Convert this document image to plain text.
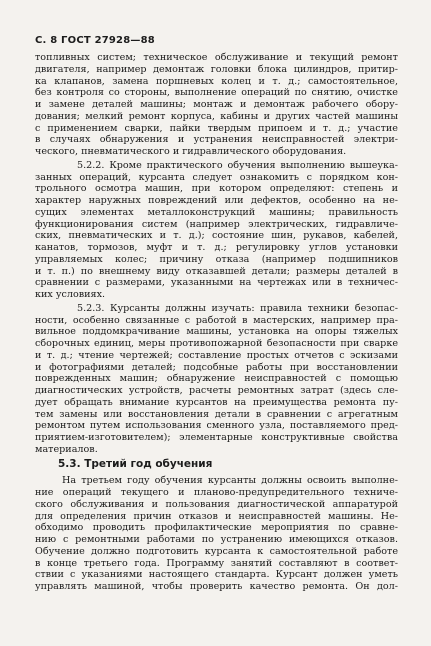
С. 8 ГОСТ 27928—88
топливных систем; техническое обслуживание и текущий ремонт
двигателя, например демонтаж головки блока цилиндров, притир-
ка клапанов, замена поршневых колец и т. д.; самостоятельное,
без контроля со стороны, выполнение операций по снятию, очистке
и замене деталей машины; монтаж и демонтаж рабочего обору-
дования; мелкий ремонт корпуса, кабины и других частей машины
с применением сварки, пайки твердым припоем и т. д.; участие
в случаях обнаружения и устранения неисправностей электри-
ческого, пневматического и гидравлического оборудования.
5.2.2. Кроме практического обучения выполнению вышеука-
занных операций, курсанта следует ознакомить с порядком кон-
трольного осмотра машин, при котором определяют: степень и
характер наружных повреждений или дефектов, особенно на не-
сущих элементах металлоконструкций машины; правильность
функционирования систем (например электрических, гидравличе-
ских, пневматических и т. д.); состояние шин, рукавов, кабелей,
канатов, тормозов, муфт и т. д.; регулировку углов установки
управляемых колес; причину отказа (например подшипников
и т. п.) по внешнему виду отказавшей детали; размеры деталей в
сравнении с размерами, указанными на чертежах или в техничес-
ких условиях.
5.2.3. Курсанты должны изучать: правила техники безопас-
ности, особенно связанные с работой в мастерских, например пра-
вильное поддомкрачивание машины, установка на опоры тяжелых
сборочных единиц, меры противопожарной безопасности при сварке
и т. д.; чтение чертежей; составление простых отчетов с эскизами
и фотографиями деталей; подсобные работы при восстановлении
поврежденных машин; обнаружение неисправностей с помощью
диагностических устройств, расчеты ремонтных затрат (здесь сле-
дует обращать внимание курсантов на преимущества ремонта пу-
тем замены или восстановления детали в сравнении с агрегатным
ремонтом путем использования сменного узла, поставляемого пред-
приятием-изготовителем); элементарные конструктивные свойства
материалов.
5.3. Третий год обучения
На третьем году обучения курсанты должны освоить выполне-
ние операций текущего и планово-предупредительного техниче-
ского обслуживания и пользования диагностической аппаратурой
для определения причин отказов и неисправностей машины. Не-
обходимо проводить профилактические мероприятия по сравне-
нию с ремонтными работами по устранению имеющихся отказов.
Обучение должно подготовить курсанта к самостоятельной работе
в конце третьего года. Программу занятий составляют в соответ-
ствии с указаниями настоящего стандарта. Курсант должен уметь
управлять машиной, чтобы проверить качество ремонта. Он дол-
